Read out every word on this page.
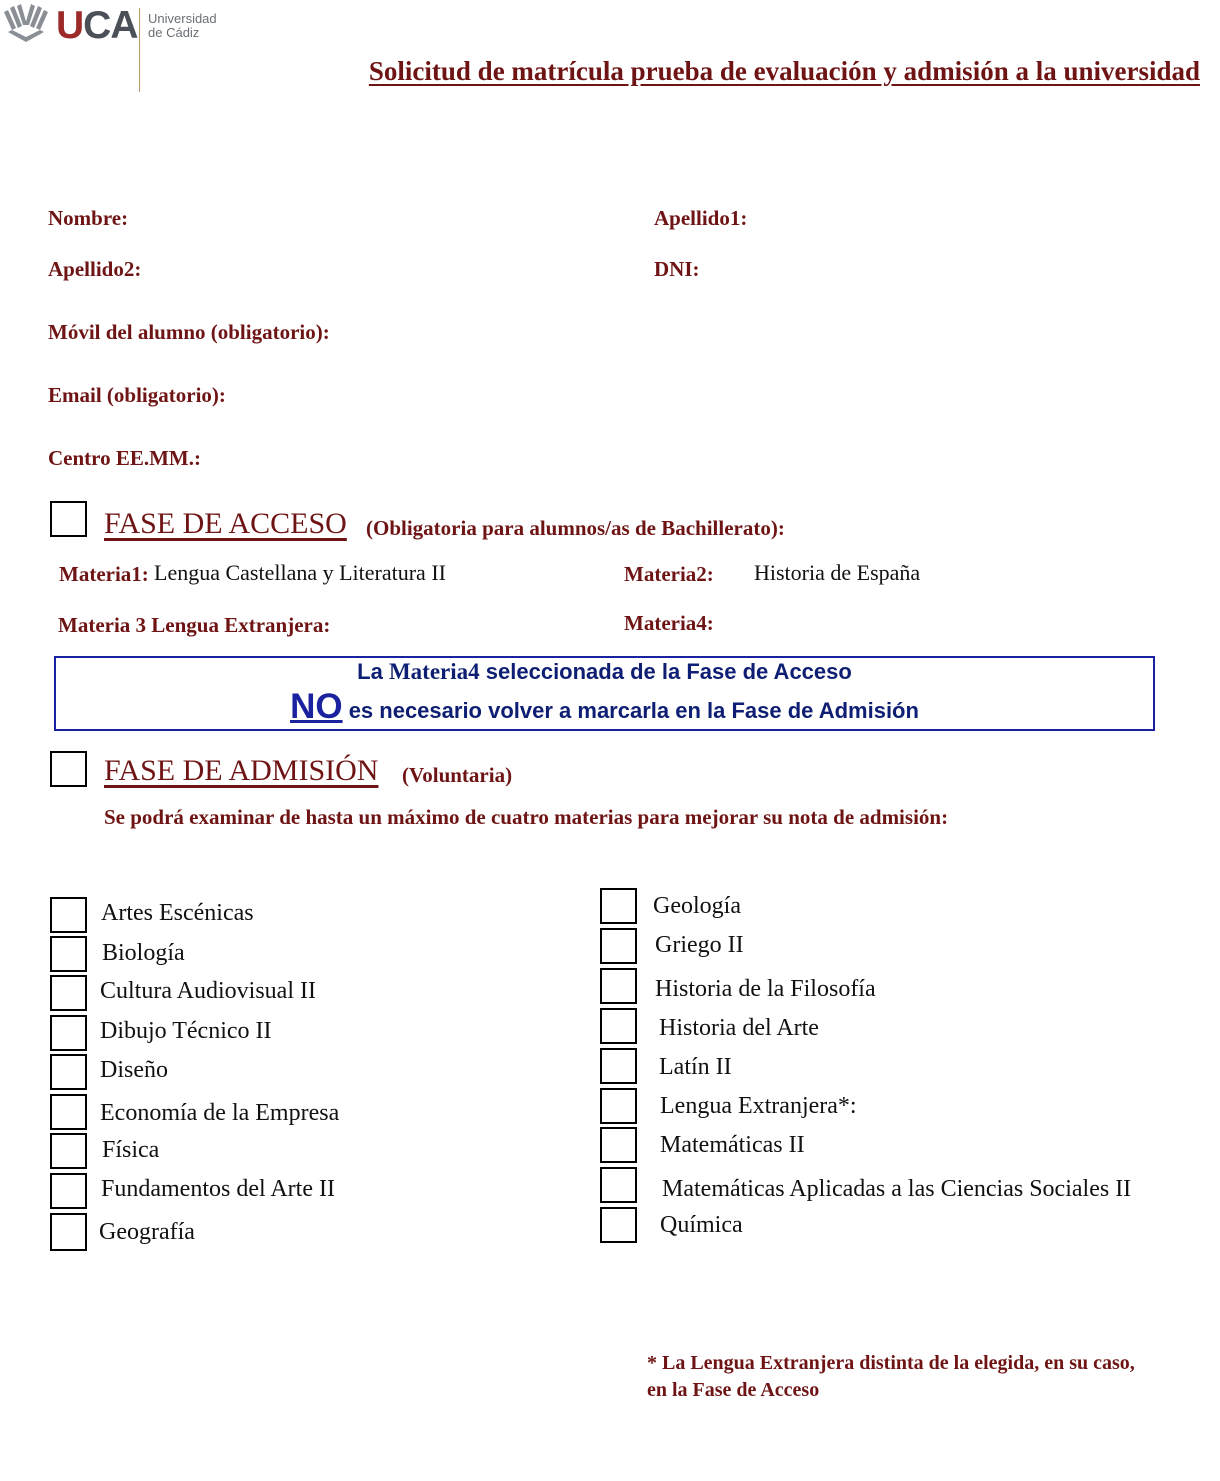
UCA Universidad
de Cádiz
Solicitud de matrícula prueba de evaluación y admisión a la universidad
Nombre:	Apellido1:
Apellido2:	DNI:
Móvil del alumno (obligatorio):
Email (obligatorio):
Centro EE.MM.:
FASE DE ACCESO (Obligatoria para alumnos/as de Bachillerato):
Materia1: Lengua Castellana y Literatura II	Materia2: Historia de España
Materia 3 Lengua Extranjera:	Materia4:
La Materia4 seleccionada de la Fase de Acceso
NO es necesario volver a marcarla en la Fase de Admisión
FASE DE ADMISIÓN (Voluntaria)
Se podrá examinar de hasta un máximo de cuatro materias para mejorar su nota de admisión:
Artes Escénicas
Biología
Cultura Audiovisual II
Dibujo Técnico II
Diseño
Economía de la Empresa
Física
Fundamentos del Arte II
Geografía
Geología
Griego II
Historia de la Filosofía
Historia del Arte
Latín II
Lengua Extranjera*:
Matemáticas II
Matemáticas Aplicadas a las Ciencias Sociales II
Química
* La Lengua Extranjera distinta de la elegida, en su caso,
en la Fase de Acceso
